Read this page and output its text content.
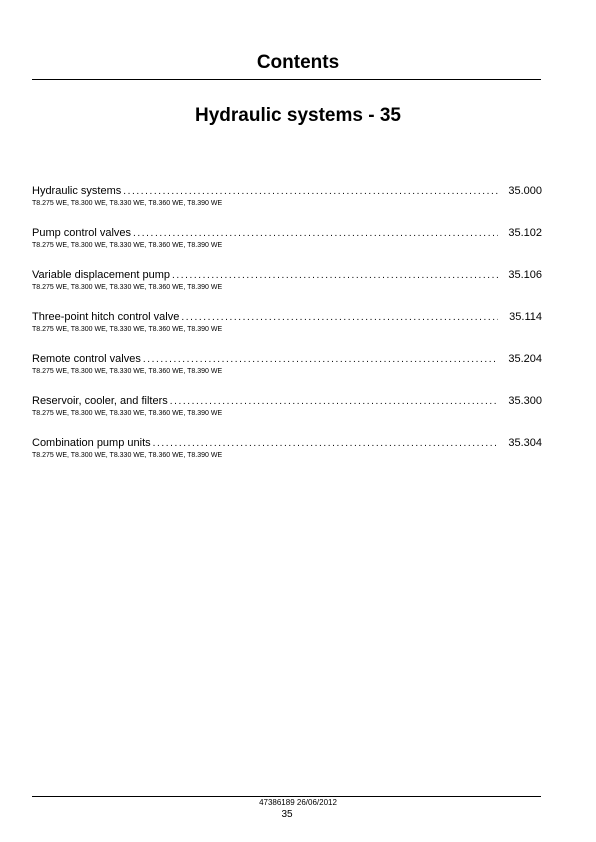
Contents
Hydraulic systems - 35
Hydraulic systems .....	35.000
T8.275 WE, T8.300 WE, T8.330 WE, T8.360 WE, T8.390 WE
Pump control valves .....	35.102
T8.275 WE, T8.300 WE, T8.330 WE, T8.360 WE, T8.390 WE
Variable displacement pump .....	35.106
T8.275 WE, T8.300 WE, T8.330 WE, T8.360 WE, T8.390 WE
Three-point hitch control valve .....	35.114
T8.275 WE, T8.300 WE, T8.330 WE, T8.360 WE, T8.390 WE
Remote control valves .....	35.204
T8.275 WE, T8.300 WE, T8.330 WE, T8.360 WE, T8.390 WE
Reservoir, cooler, and filters .....	35.300
T8.275 WE, T8.300 WE, T8.330 WE, T8.360 WE, T8.390 WE
Combination pump units .....	35.304
T8.275 WE, T8.300 WE, T8.330 WE, T8.360 WE, T8.390 WE
47386189 26/06/2012
35
